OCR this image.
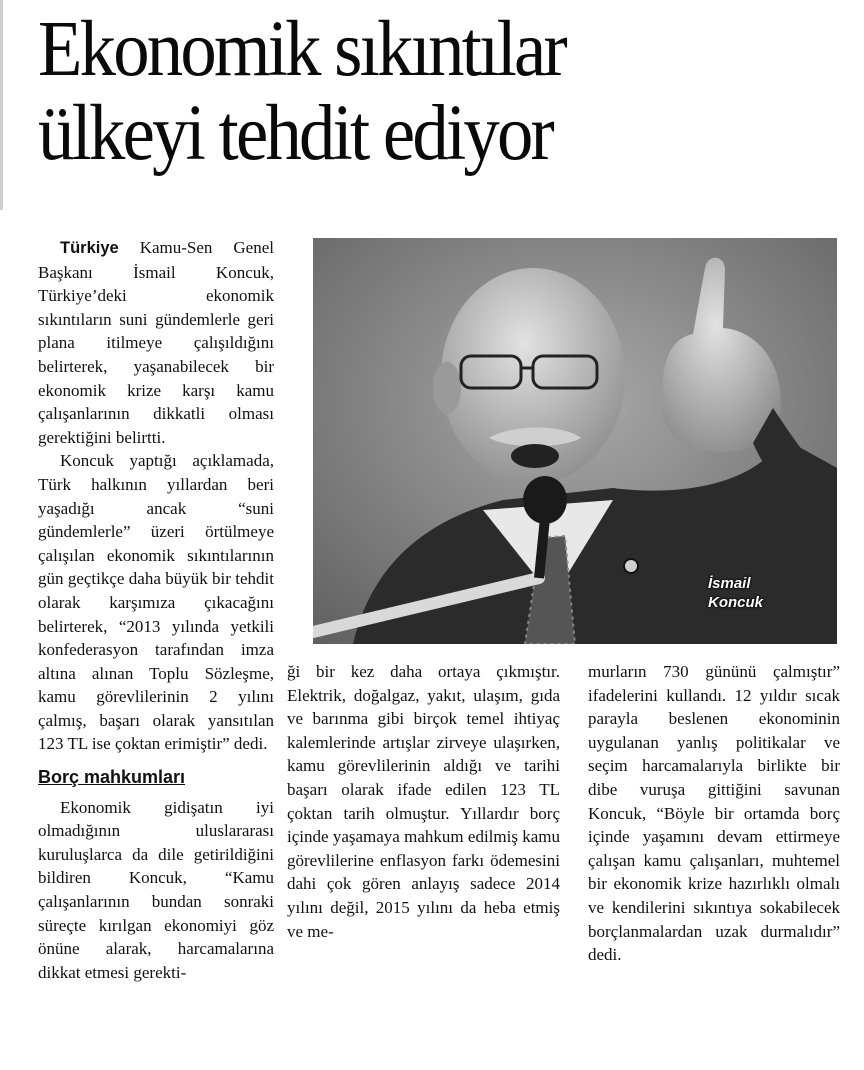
Ekonomik sıkıntılar
ülkeyi tehdit ediyor

Türkiye Kamu-Sen Genel Başkanı İsmail Koncuk, Türkiye’deki ekonomik sıkıntıların suni gündemlerle geri plana itilmeye çalışıldığını belirterek, yaşanabilecek bir ekonomik krize karşı kamu çalışanlarının dikkatli olması gerektiğini belirtti.

Koncuk yaptığı açıklamada, Türk halkının yıllardan beri yaşadığı ancak “suni gündemlerle” üzeri örtülmeye çalışılan ekonomik sıkıntılarının gün geçtikçe daha büyük bir tehdit olarak karşımıza çıkacağını belirterek, “2013 yılında yetkili konfederasyon tarafından imza altına alınan Toplu Sözleşme, kamu görevlilerinin 2 yılını çalmış, başarı olarak yansıtılan 123 TL ise çoktan erimiştir” dedi.

Borç mahkumları

Ekonomik gidişatın iyi olmadığının uluslararası kuruluşlarca da dile getirildiğini bildiren Koncuk, “Kamu çalışanlarının bundan sonraki süreçte kırılgan ekonomiyi göz önüne alarak, harcamalarına dikkat etmesi gerekti-

İsmail
Koncuk

ği bir kez daha ortaya çıkmıştır. Elektrik, doğalgaz, yakıt, ulaşım, gıda ve barınma gibi birçok temel ihtiyaç kalemlerinde artışlar zirveye ulaşırken, kamu görevlilerinin aldığı ve tarihi başarı olarak ifade edilen 123 TL çoktan tarih olmuştur. Yıllardır borç içinde yaşamaya mahkum edilmiş kamu görevlilerine enflasyon farkı ödemesini dahi çok gören anlayış sadece 2014 yılını değil, 2015 yılını da heba etmiş ve me-

murların 730 gününü çalmıştır” ifadelerini kullandı. 12 yıldır sıcak parayla beslenen ekonominin uygulanan yanlış politikalar ve seçim harcamalarıyla birlikte bir dibe vuruşa gittiğini savunan Koncuk, “Böyle bir ortamda borç içinde yaşamını devam ettirmeye çalışan kamu çalışanları, muhtemel bir ekonomik krize hazırlıklı olmalı ve kendilerini sıkıntıya sokabilecek borçlanmalardan uzak durmalıdır” dedi.
